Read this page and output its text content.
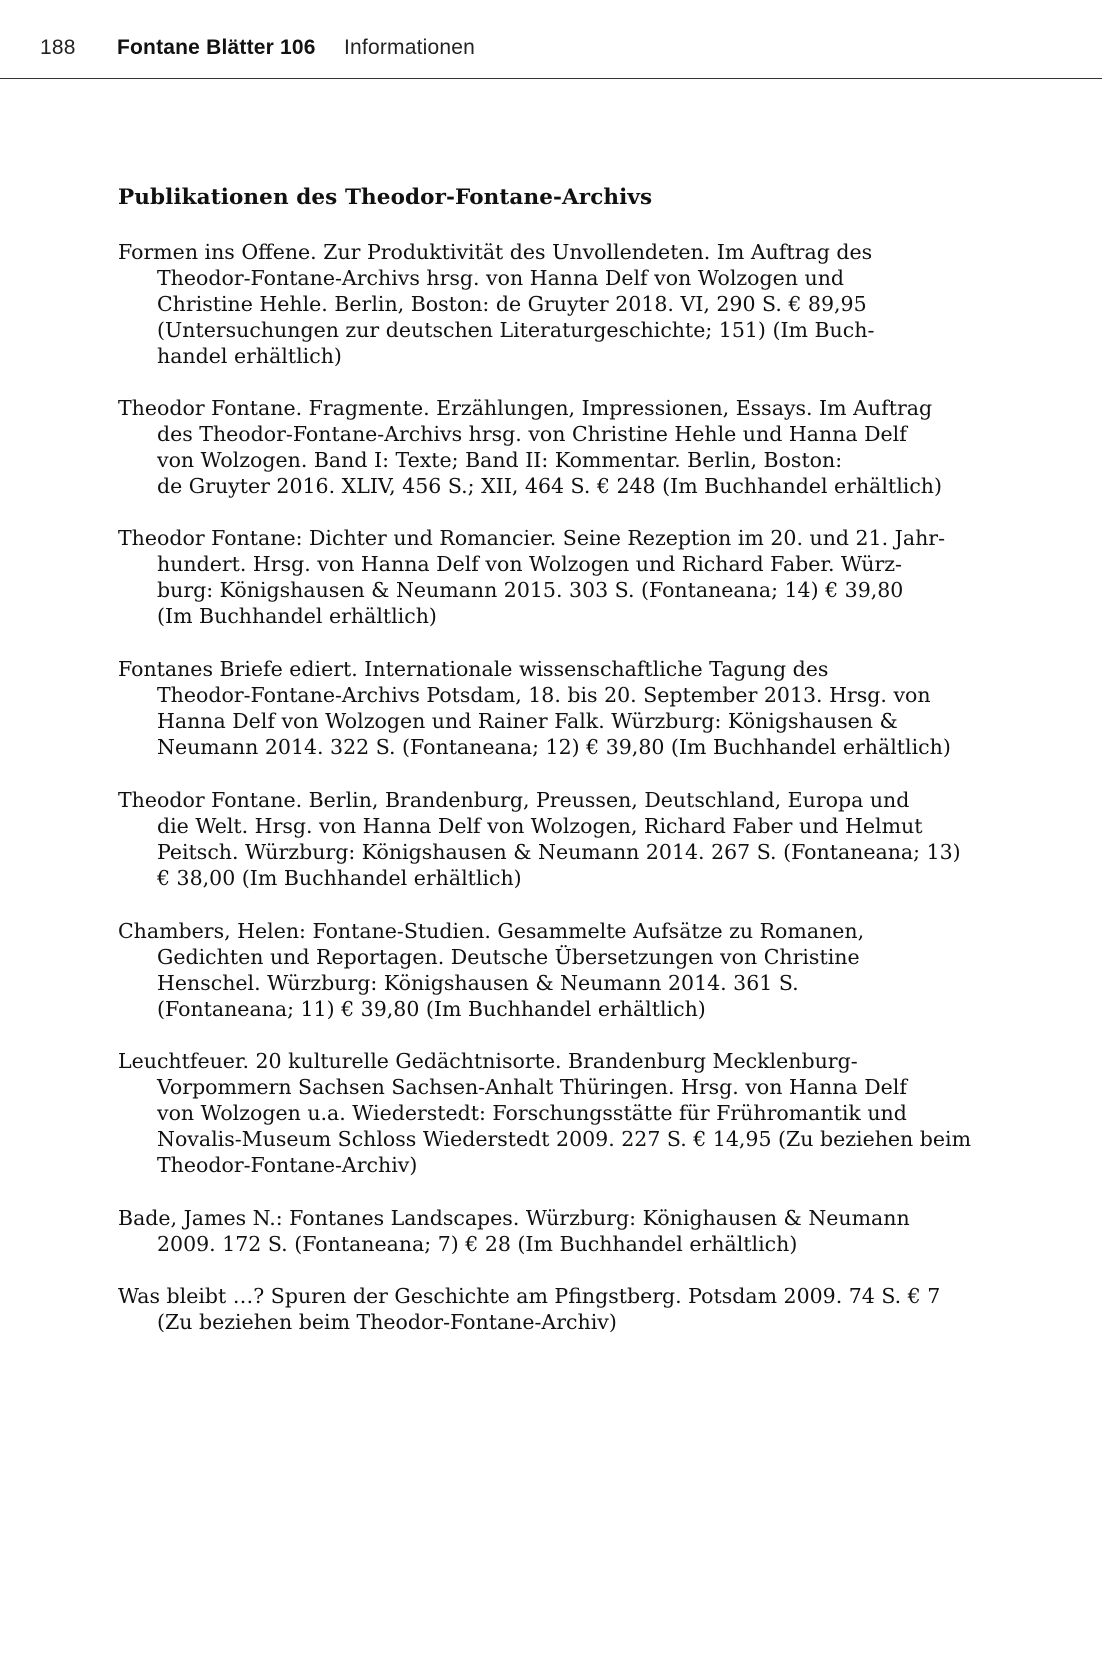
188 Fontane Blätter 106 Informationen
Publikationen des Theodor-Fontane-Archivs

Formen ins Offene. Zur Produktivität des Unvollendeten. Im Auftrag des
Theodor-Fontane-Archivs hrsg. von Hanna Delf von Wolzogen und
Christine Hehle. Berlin, Boston: de Gruyter 2018. VI, 290 S. € 89,95
(Untersuchungen zur deutschen Literaturgeschichte; 151) (Im Buch-
handel erhältlich)

Theodor Fontane. Fragmente. Erzählungen, Impressionen, Essays. Im Auftrag
des Theodor-Fontane-Archivs hrsg. von Christine Hehle und Hanna Delf
von Wolzogen. Band I: Texte; Band II: Kommentar. Berlin, Boston:
de Gruyter 2016. XLIV, 456 S.; XII, 464 S. € 248 (Im Buchhandel erhältlich)

Theodor Fontane: Dichter und Romancier. Seine Rezeption im 20. und 21. Jahr-
hundert. Hrsg. von Hanna Delf von Wolzogen und Richard Faber. Würz-
burg: Königshausen & Neumann 2015. 303 S. (Fontaneana; 14) € 39,80
(Im Buchhandel erhältlich)

Fontanes Briefe ediert. Internationale wissenschaftliche Tagung des
Theodor-Fontane-Archivs Potsdam, 18. bis 20. September 2013. Hrsg. von
Hanna Delf von Wolzogen und Rainer Falk. Würzburg: Königshausen &
Neumann 2014. 322 S. (Fontaneana; 12) € 39,80 (Im Buchhandel erhältlich)

Theodor Fontane. Berlin, Brandenburg, Preussen, Deutschland, Europa und
die Welt. Hrsg. von Hanna Delf von Wolzogen, Richard Faber und Helmut
Peitsch. Würzburg: Königshausen & Neumann 2014. 267 S. (Fontaneana; 13)
€ 38,00 (Im Buchhandel erhältlich)

Chambers, Helen: Fontane-Studien. Gesammelte Aufsätze zu Romanen,
Gedichten und Reportagen. Deutsche Übersetzungen von Christine
Henschel. Würzburg: Königshausen & Neumann 2014. 361 S.
(Fontaneana; 11) € 39,80 (Im Buchhandel erhältlich)

Leuchtfeuer. 20 kulturelle Gedächtnisorte. Brandenburg Mecklenburg-
Vorpommern Sachsen Sachsen-Anhalt Thüringen. Hrsg. von Hanna Delf
von Wolzogen u.a. Wiederstedt: Forschungsstätte für Frühromantik und
Novalis-Museum Schloss Wiederstedt 2009. 227 S. € 14,95 (Zu beziehen beim
Theodor-Fontane-Archiv)

Bade, James N.: Fontanes Landscapes. Würzburg: Könighausen & Neumann
2009. 172 S. (Fontaneana; 7) € 28 (Im Buchhandel erhältlich)

Was bleibt …? Spuren der Geschichte am Pfingstberg. Potsdam 2009. 74 S. € 7
(Zu beziehen beim Theodor-Fontane-Archiv)
